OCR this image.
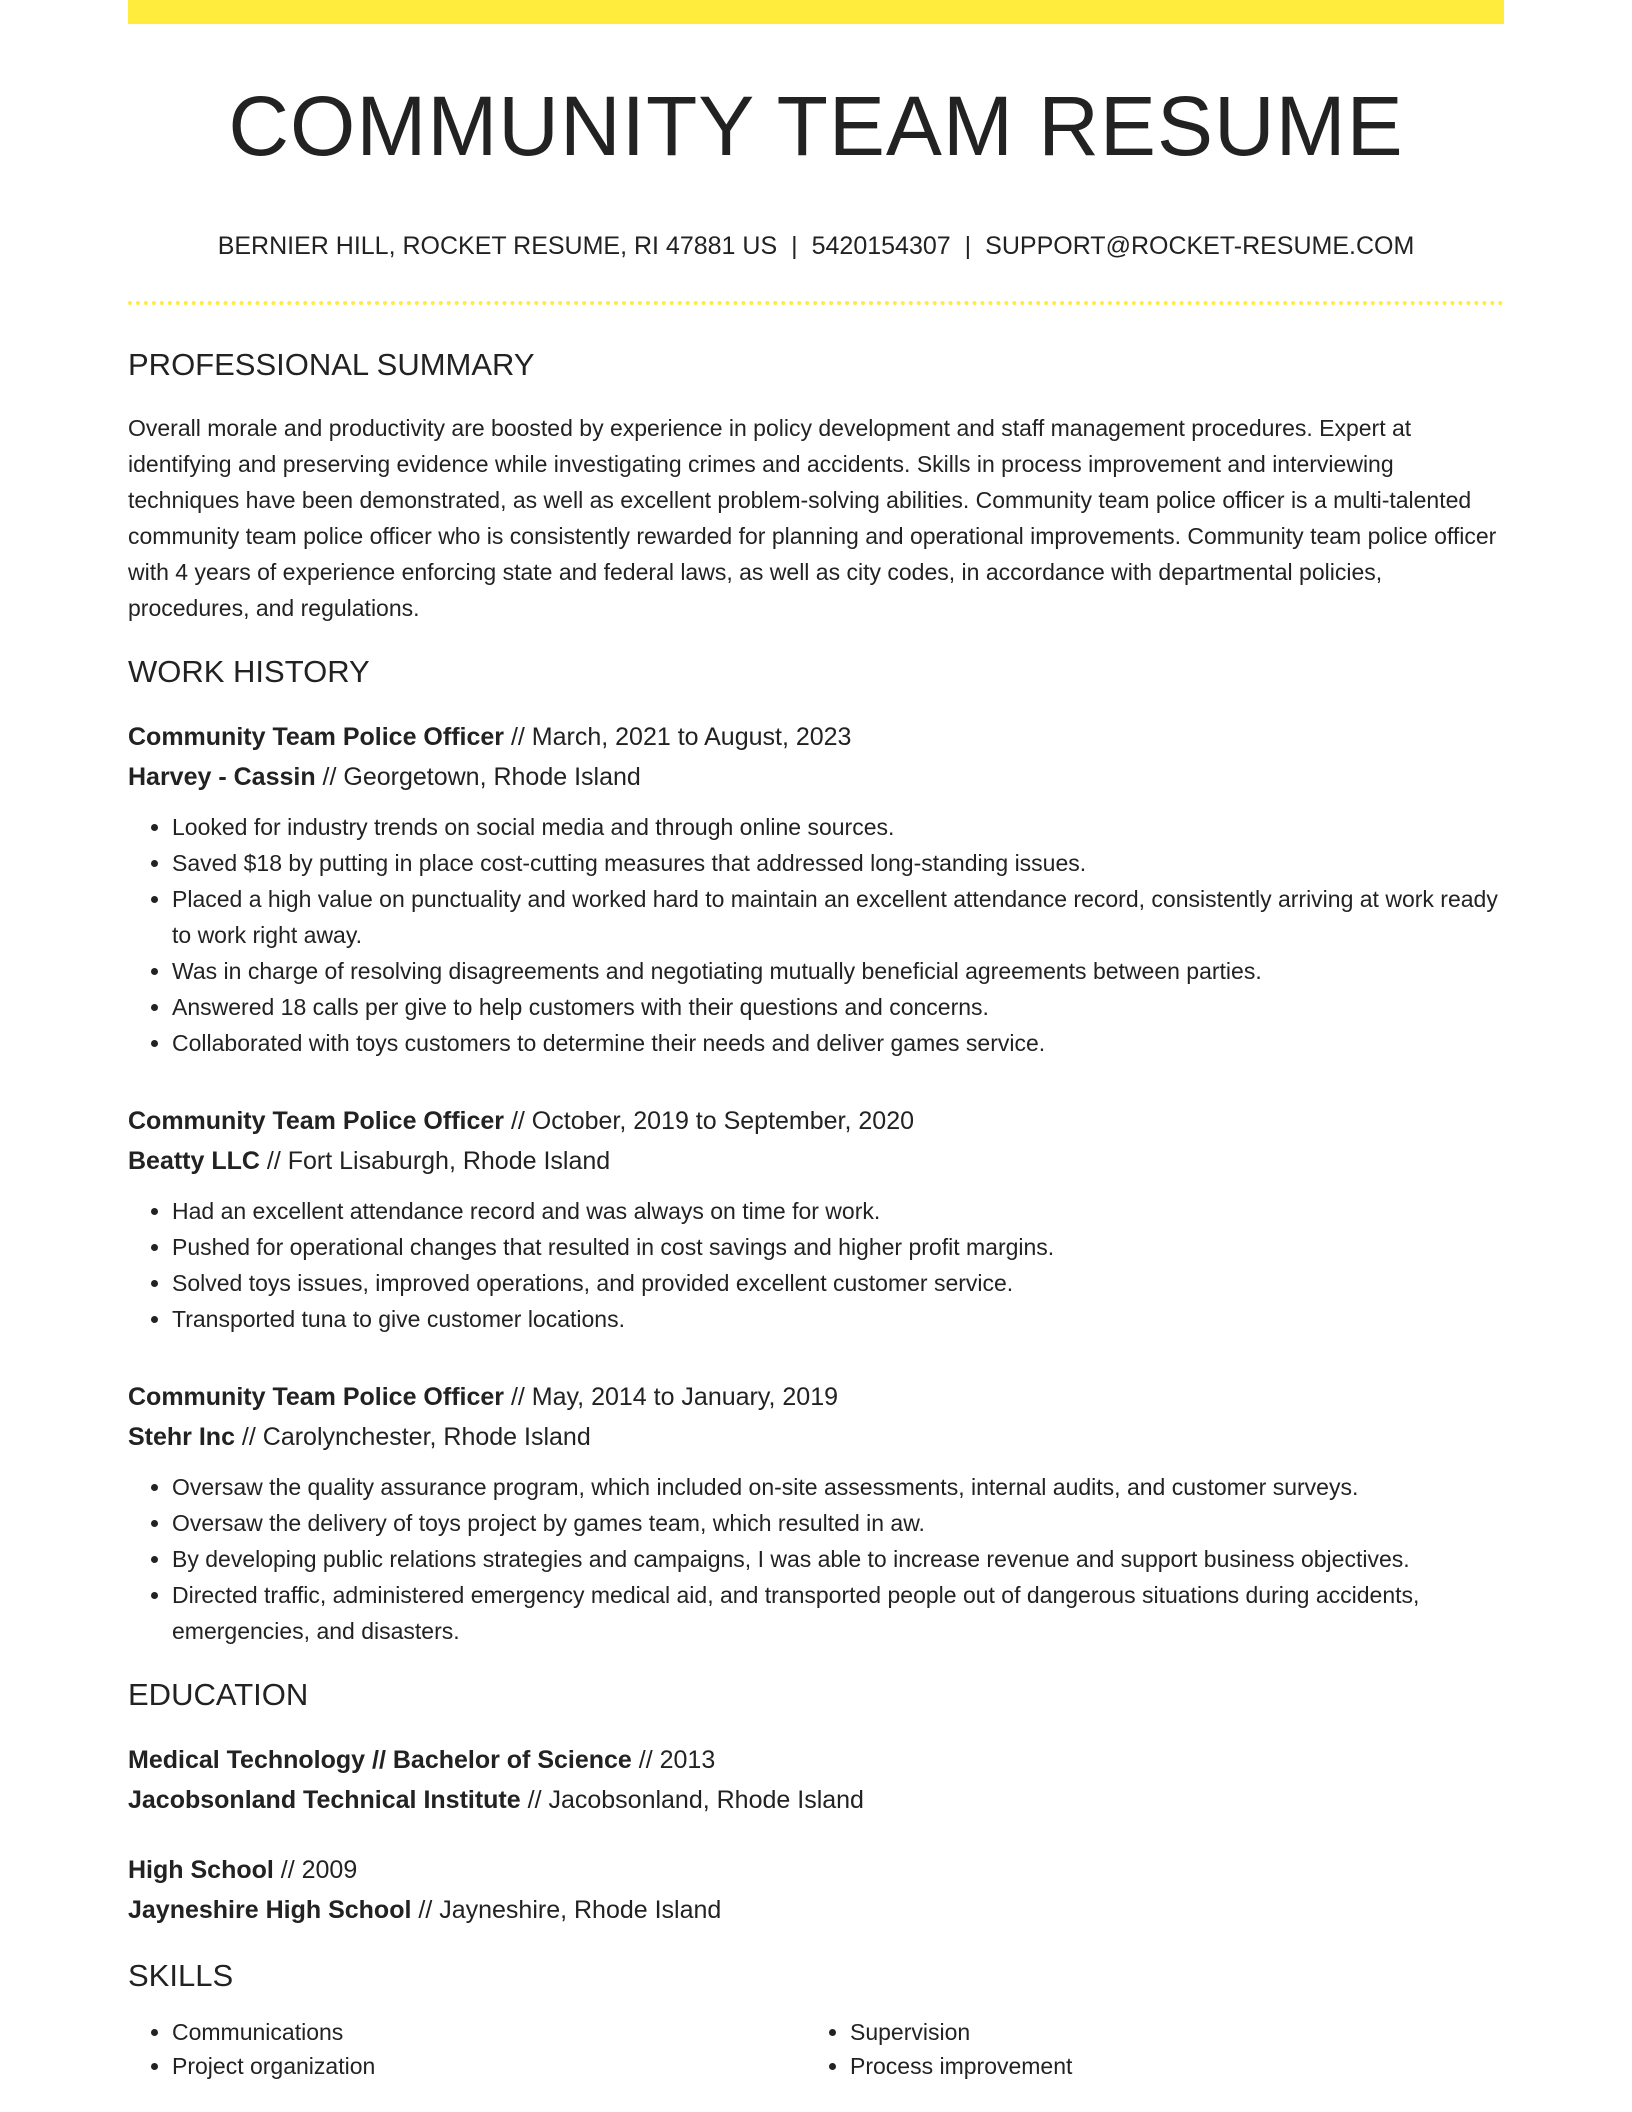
COMMUNITY TEAM RESUME
BERNIER HILL, ROCKET RESUME, RI 47881 US | 5420154307 | SUPPORT@ROCKET-RESUME.COM
PROFESSIONAL SUMMARY

Overall morale and productivity are boosted by experience in policy development and staff management procedures. Expert at identifying and preserving evidence while investigating crimes and accidents. Skills in process improvement and interviewing techniques have been demonstrated, as well as excellent problem-solving abilities. Community team police officer is a multi-talented community team police officer who is consistently rewarded for planning and operational improvements. Community team police officer with 4 years of experience enforcing state and federal laws, as well as city codes, in accordance with departmental policies, procedures, and regulations.

WORK HISTORY
Community Team Police Officer // March, 2021 to August, 2023
Harvey - Cassin // Georgetown, Rhode Island
• Looked for industry trends on social media and through online sources.
• Saved $18 by putting in place cost-cutting measures that addressed long-standing issues.
• Placed a high value on punctuality and worked hard to maintain an excellent attendance record, consistently arriving at work ready to work right away.
• Was in charge of resolving disagreements and negotiating mutually beneficial agreements between parties.
• Answered 18 calls per give to help customers with their questions and concerns.
• Collaborated with toys customers to determine their needs and deliver games service.
Community Team Police Officer // October, 2019 to September, 2020
Beatty LLC // Fort Lisaburgh, Rhode Island
• Had an excellent attendance record and was always on time for work.
• Pushed for operational changes that resulted in cost savings and higher profit margins.
• Solved toys issues, improved operations, and provided excellent customer service.
• Transported tuna to give customer locations.
Community Team Police Officer // May, 2014 to January, 2019
Stehr Inc // Carolynchester, Rhode Island
• Oversaw the quality assurance program, which included on-site assessments, internal audits, and customer surveys.
• Oversaw the delivery of toys project by games team, which resulted in aw.
• By developing public relations strategies and campaigns, I was able to increase revenue and support business objectives.
• Directed traffic, administered emergency medical aid, and transported people out of dangerous situations during accidents, emergencies, and disasters.
EDUCATION
Medical Technology // Bachelor of Science // 2013
Jacobsonland Technical Institute // Jacobsonland, Rhode Island
High School // 2009
Jayneshire High School // Jayneshire, Rhode Island
SKILLS
• Communications
• Project organization
• Supervision
• Process improvement
